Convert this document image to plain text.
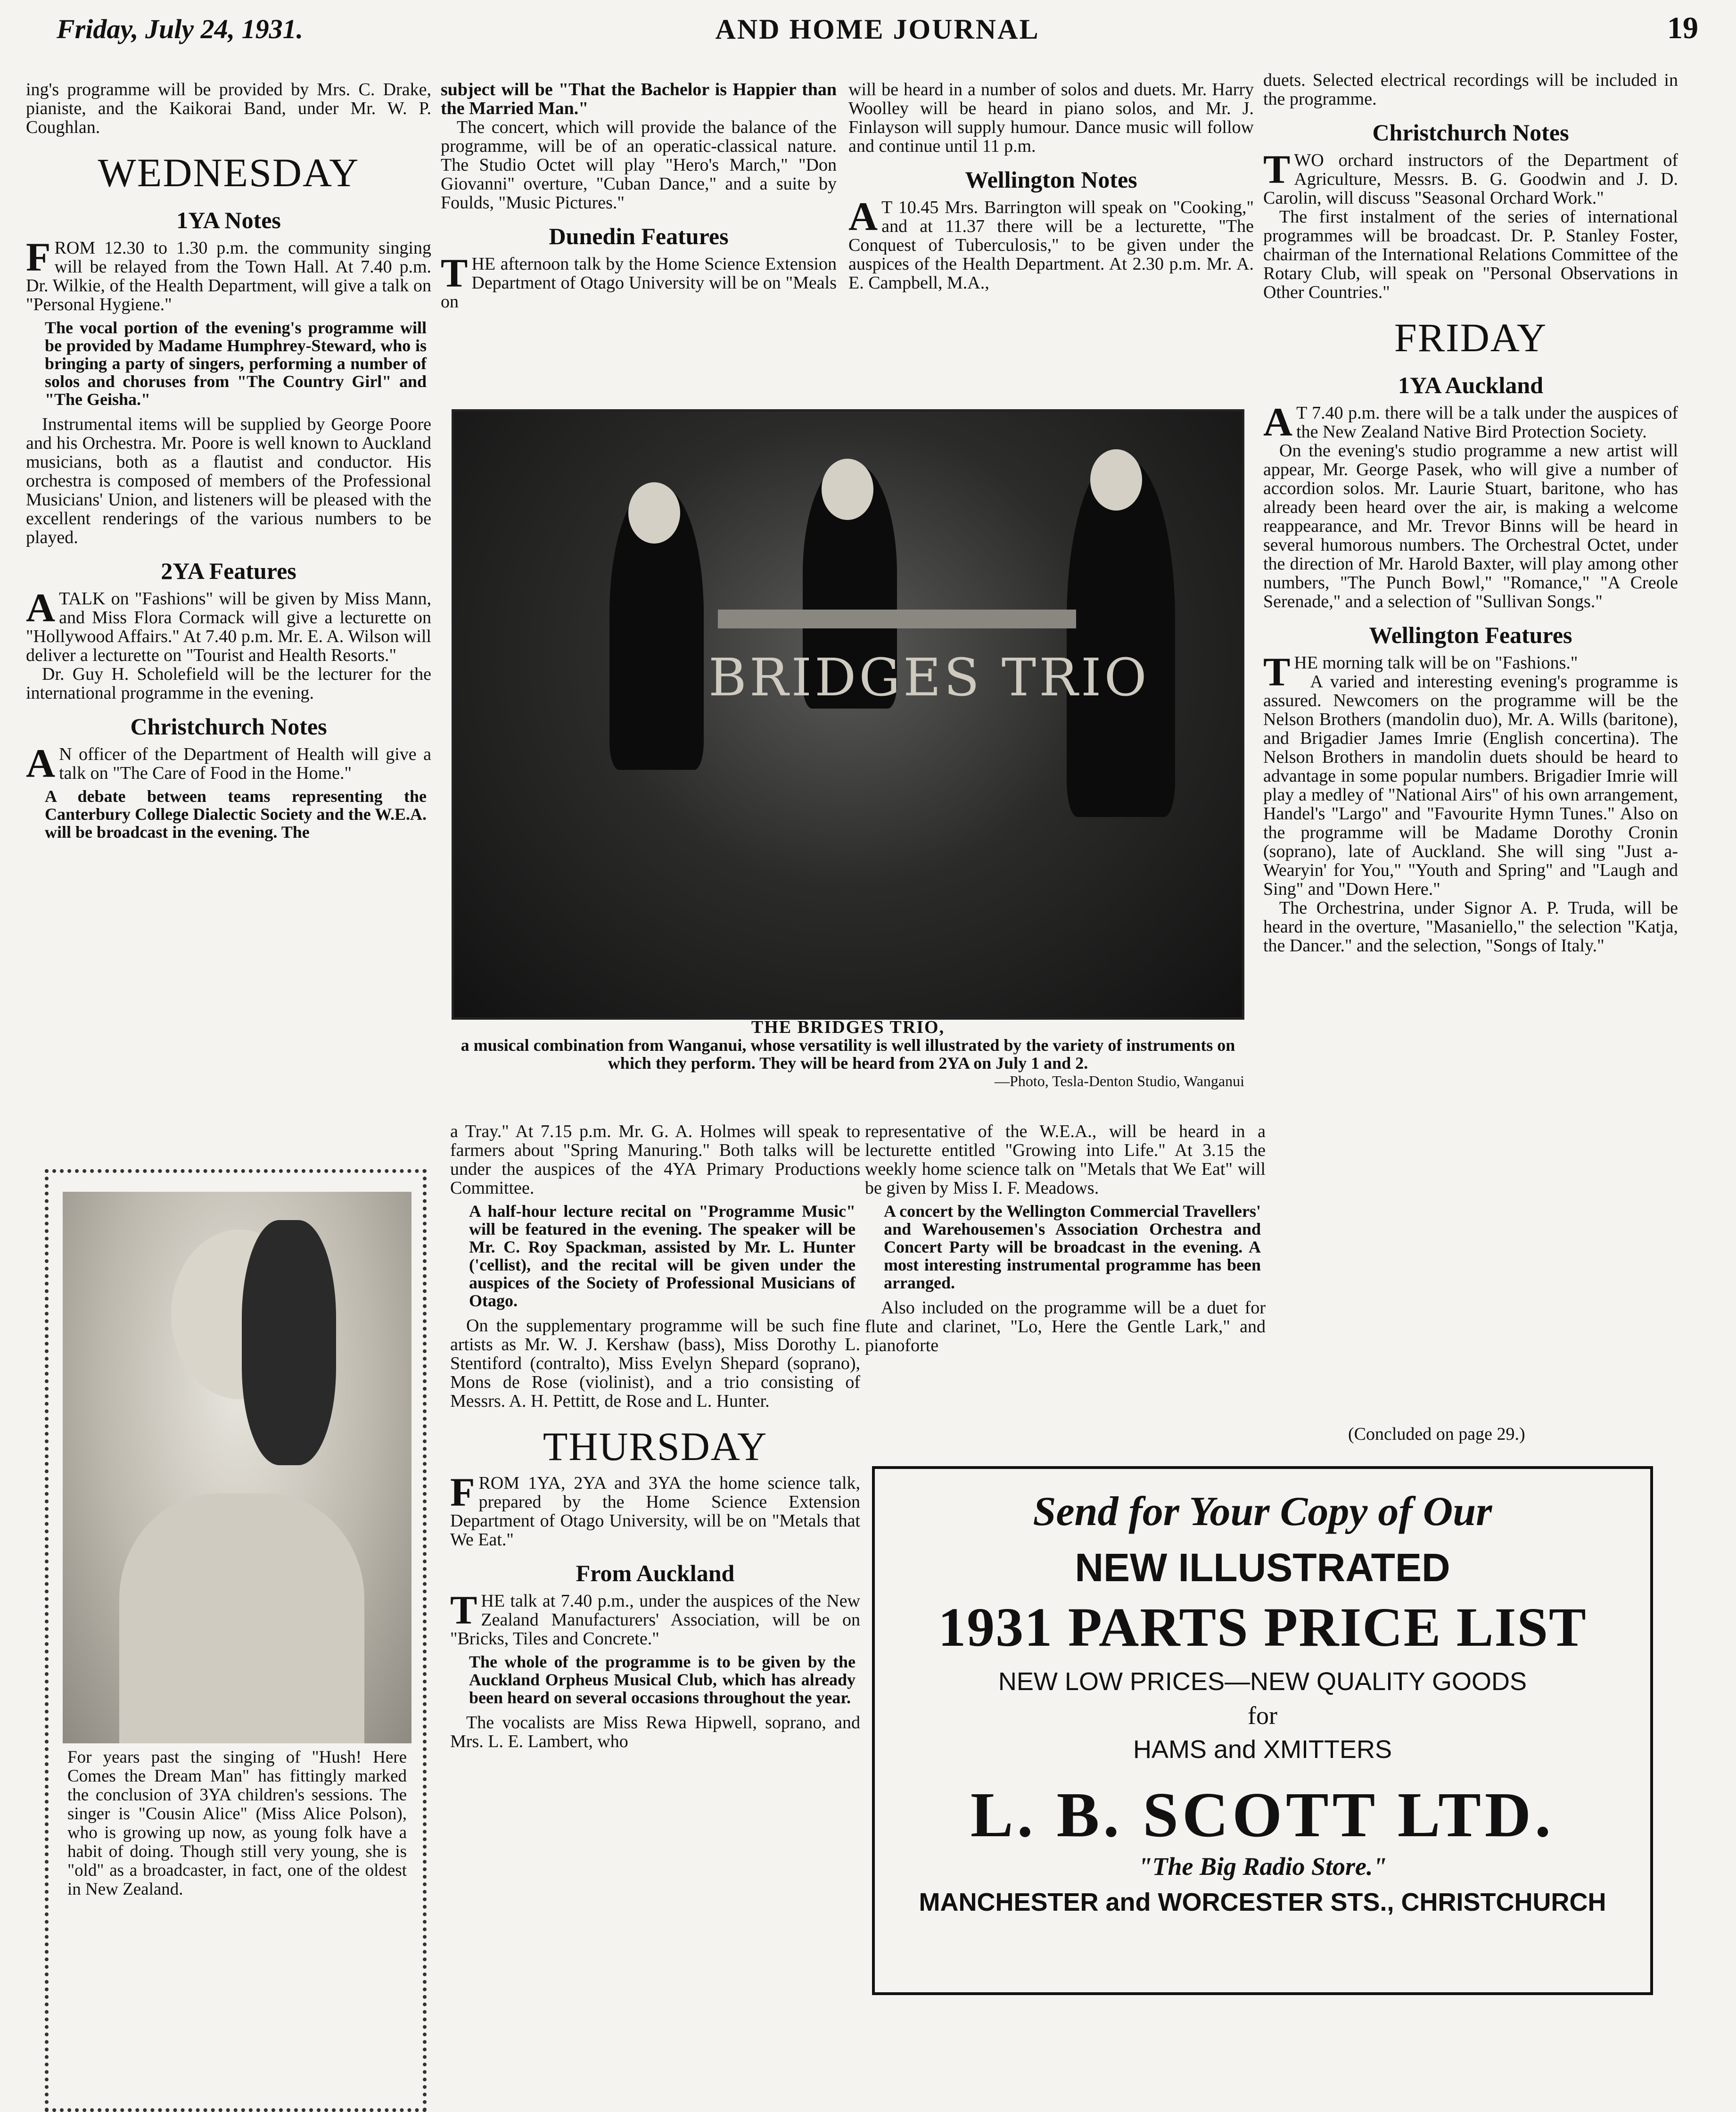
Friday, July 24, 1931.	AND HOME JOURNAL	19

ing's programme will be provided by Mrs. C. Drake, pianiste, and the Kaikorai Band, under Mr. W. P. Coughlan.

WEDNESDAY
1YA Notes

FROM 12.30 to 1.30 p.m. the community singing will be relayed from the Town Hall. At 7.40 p.m. Dr. Wilkie, of the Health Department, will give a talk on "Personal Hygiene."

The vocal portion of the evening's programme will be provided by Madame Humphrey-Steward, who is bringing a party of singers, performing a number of solos and choruses from "The Country Girl" and "The Geisha."

Instrumental items will be supplied by George Poore and his Orchestra. Mr. Poore is well known to Auckland musicians, both as a flautist and conductor. His orchestra is composed of members of the Professional Musicians' Union, and listeners will be pleased with the excellent renderings of the various numbers to be played.

2YA Features

ATALK on "Fashions" will be given by Miss Mann, and Miss Flora Cormack will give a lecturette on "Hollywood Affairs." At 7.40 p.m. Mr. E. A. Wilson will deliver a lecturette on "Tourist and Health Resorts."

Dr. Guy H. Scholefield will be the lecturer for the international programme in the evening.

Christchurch Notes

A N officer of the Department of Health will give a talk on "The Care of Food in the Home."

A debate between teams representing the Canterbury College Dialectic Society and the W.E.A. will be broadcast in the evening. The

subject will be "That the Bachelor is Happier than the Married Man."

The concert, which will provide the balance of the programme, will be of an operatic-classical nature. The Studio Octet will play "Hero's March," "Don Giovanni" overture, "Cuban Dance," and a suite by Foulds, "Music Pictures."

Dunedin Features

THE afternoon talk by the Home Science Extension Department of Otago University will be on "Meals on

will be heard in a number of solos and duets. Mr. Harry Woolley will be heard in piano solos, and Mr. J. Finlayson will supply humour. Dance music will follow and continue until 11 p.m.

Wellington Notes

A T 10.45 Mrs. Barrington will speak on "Cooking," and at 11.37 there will be a lecturette, "The Conquest of Tuberculosis," to be given under the auspices of the Health Department. At 2.30 p.m. Mr. A. E. Campbell, M.A.,

duets. Selected electrical recordings will be included in the programme.

Christchurch Notes

TWO orchard instructors of the Department of Agriculture, Messrs. B. G. Goodwin and J. D. Carolin, will discuss "Seasonal Orchard Work."

The first instalment of the series of international programmes will be broadcast. Dr. P. Stanley Foster, chairman of the International Relations Committee of the Rotary Club, will speak on "Personal Observations in Other Countries."

FRIDAY
1YA Auckland

A T 7.40 p.m. there will be a talk under the auspices of the New Zealand Native Bird Protection Society.

On the evening's studio programme a new artist will appear, Mr. George Pasek, who will give a number of accordion solos. Mr. Laurie Stuart, baritone, who has already been heard over the air, is making a welcome reappearance, and Mr. Trevor Binns will be heard in several humorous numbers. The Orchestral Octet, under the direction of Mr. Harold Baxter, will play among other numbers, "The Punch Bowl," "Romance," "A Creole Serenade," and a selection of "Sullivan Songs."

Wellington Features

THE morning talk will be on "Fashions."

A varied and interesting evening's programme is assured. Newcomers on the programme will be the Nelson Brothers (mandolin duo), Mr. A. Wills (baritone), and Brigadier James Imrie (English concertina). The Nelson Brothers in mandolin duets should be heard to advantage in some popular numbers. Brigadier Imrie will play a medley of "National Airs" of his own arrangement, Handel's "Largo" and "Favourite Hymn Tunes." Also on the programme will be Madame Dorothy Cronin (soprano), late of Auckland. She will sing "Just a-Wearyin' for You," "Youth and Spring" and "Laugh and Sing" and "Down Here."

The Orchestrina, under Signor A. P. Truda, will be heard in the overture, "Masaniello," the selection "Katja, the Dancer." and the selection, "Songs of Italy."

(Concluded on page 29.)
BRIDGES TRIO
THE BRIDGES TRIO,
a musical combination from Wanganui, whose versatility is well illustrated by the variety of instruments on which they perform. They will be heard from 2YA on July 1 and 2.
—Photo, Tesla-Denton Studio, Wanganui
For years past the singing of "Hush! Here Comes the Dream Man" has fittingly marked the conclusion of 3YA children's sessions. The singer is "Cousin Alice" (Miss Alice Polson), who is growing up now, as young folk have a habit of doing. Though still very young, she is "old" as a broadcaster, in fact, one of the oldest in New Zealand.

a Tray." At 7.15 p.m. Mr. G. A. Holmes will speak to farmers about "Spring Manuring." Both talks will be under the auspices of the 4YA Primary Productions Committee.

A half-hour lecture recital on "Programme Music" will be featured in the evening. The speaker will be Mr. C. Roy Spackman, assisted by Mr. L. Hunter ('cellist), and the recital will be given under the auspices of the Society of Professional Musicians of Otago.

On the supplementary programme will be such fine artists as Mr. W. J. Kershaw (bass), Miss Dorothy L. Stentiford (contralto), Miss Evelyn Shepard (soprano), Mons de Rose (violinist), and a trio consisting of Messrs. A. H. Pettitt, de Rose and L. Hunter.

THURSDAY

FROM 1YA, 2YA and 3YA the home science talk, prepared by the Home Science Extension Department of Otago University, will be on "Metals that We Eat."

From Auckland

THE talk at 7.40 p.m., under the auspices of the New Zealand Manufacturers' Association, will be on "Bricks, Tiles and Concrete."

The whole of the programme is to be given by the Auckland Orpheus Musical Club, which has already been heard on several occasions throughout the year.

The vocalists are Miss Rewa Hipwell, soprano, and Mrs. L. E. Lambert, who

representative of the W.E.A., will be heard in a lecturette entitled "Growing into Life." At 3.15 the weekly home science talk on "Metals that We Eat" will be given by Miss I. F. Meadows.

A concert by the Wellington Commercial Travellers' and Warehousemen's Association Orchestra and Concert Party will be broadcast in the evening. A most interesting instrumental programme has been arranged.

Also included on the programme will be a duet for flute and clarinet, "Lo, Here the Gentle Lark," and pianoforte

Send for Your Copy of Our
NEW ILLUSTRATED
1931 PARTS PRICE LIST
NEW LOW PRICES—NEW QUALITY GOODS
for
HAMS and XMITTERS
L. B. SCOTT LTD.
"The Big Radio Store."
MANCHESTER and WORCESTER STS., CHRISTCHURCH
